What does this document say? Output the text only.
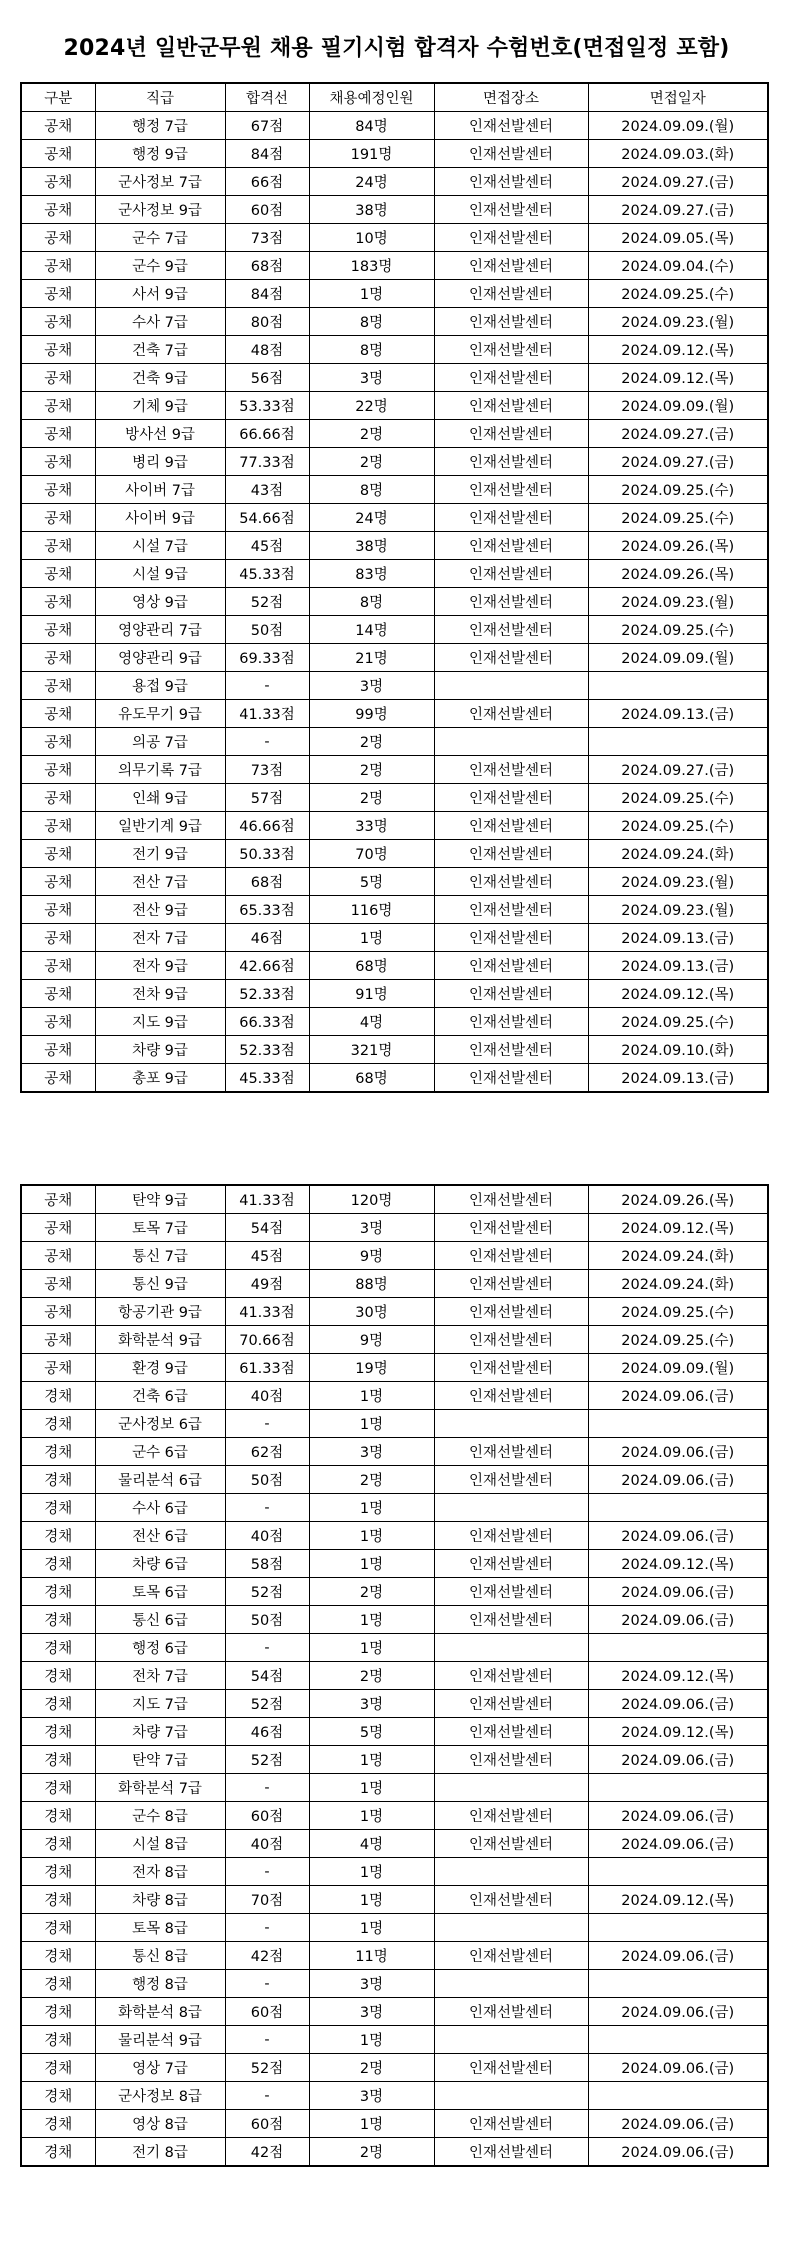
2024년 일반군무원 채용 필기시험 합격자 수험번호(면접일정 포함)
구분	직급	합격선	채용예정인원	면접장소	면접일자
공채	행정 7급	67점	84명	인재선발센터	2024.09.09.(월)
공채	행정 9급	84점	191명	인재선발센터	2024.09.03.(화)
공채	군사정보 7급	66점	24명	인재선발센터	2024.09.27.(금)
공채	군사정보 9급	60점	38명	인재선발센터	2024.09.27.(금)
공채	군수 7급	73점	10명	인재선발센터	2024.09.05.(목)
공채	군수 9급	68점	183명	인재선발센터	2024.09.04.(수)
공채	사서 9급	84점	1명	인재선발센터	2024.09.25.(수)
공채	수사 7급	80점	8명	인재선발센터	2024.09.23.(월)
공채	건축 7급	48점	8명	인재선발센터	2024.09.12.(목)
공채	건축 9급	56점	3명	인재선발센터	2024.09.12.(목)
공채	기체 9급	53.33점	22명	인재선발센터	2024.09.09.(월)
공채	방사선 9급	66.66점	2명	인재선발센터	2024.09.27.(금)
공채	병리 9급	77.33점	2명	인재선발센터	2024.09.27.(금)
공채	사이버 7급	43점	8명	인재선발센터	2024.09.25.(수)
공채	사이버 9급	54.66점	24명	인재선발센터	2024.09.25.(수)
공채	시설 7급	45점	38명	인재선발센터	2024.09.26.(목)
공채	시설 9급	45.33점	83명	인재선발센터	2024.09.26.(목)
공채	영상 9급	52점	8명	인재선발센터	2024.09.23.(월)
공채	영양관리 7급	50점	14명	인재선발센터	2024.09.25.(수)
공채	영양관리 9급	69.33점	21명	인재선발센터	2024.09.09.(월)
공채	용접 9급	-	3명		
공채	유도무기 9급	41.33점	99명	인재선발센터	2024.09.13.(금)
공채	의공 7급	-	2명		
공채	의무기록 7급	73점	2명	인재선발센터	2024.09.27.(금)
공채	인쇄 9급	57점	2명	인재선발센터	2024.09.25.(수)
공채	일반기계 9급	46.66점	33명	인재선발센터	2024.09.25.(수)
공채	전기 9급	50.33점	70명	인재선발센터	2024.09.24.(화)
공채	전산 7급	68점	5명	인재선발센터	2024.09.23.(월)
공채	전산 9급	65.33점	116명	인재선발센터	2024.09.23.(월)
공채	전자 7급	46점	1명	인재선발센터	2024.09.13.(금)
공채	전자 9급	42.66점	68명	인재선발센터	2024.09.13.(금)
공채	전차 9급	52.33점	91명	인재선발센터	2024.09.12.(목)
공채	지도 9급	66.33점	4명	인재선발센터	2024.09.25.(수)
공채	차량 9급	52.33점	321명	인재선발센터	2024.09.10.(화)
공채	총포 9급	45.33점	68명	인재선발센터	2024.09.13.(금)
공채	탄약 9급	41.33점	120명	인재선발센터	2024.09.26.(목)
공채	토목 7급	54점	3명	인재선발센터	2024.09.12.(목)
공채	통신 7급	45점	9명	인재선발센터	2024.09.24.(화)
공채	통신 9급	49점	88명	인재선발센터	2024.09.24.(화)
공채	항공기관 9급	41.33점	30명	인재선발센터	2024.09.25.(수)
공채	화학분석 9급	70.66점	9명	인재선발센터	2024.09.25.(수)
공채	환경 9급	61.33점	19명	인재선발센터	2024.09.09.(월)
경채	건축 6급	40점	1명	인재선발센터	2024.09.06.(금)
경채	군사정보 6급	-	1명		
경채	군수 6급	62점	3명	인재선발센터	2024.09.06.(금)
경채	물리분석 6급	50점	2명	인재선발센터	2024.09.06.(금)
경채	수사 6급	-	1명		
경채	전산 6급	40점	1명	인재선발센터	2024.09.06.(금)
경채	차량 6급	58점	1명	인재선발센터	2024.09.12.(목)
경채	토목 6급	52점	2명	인재선발센터	2024.09.06.(금)
경채	통신 6급	50점	1명	인재선발센터	2024.09.06.(금)
경채	행정 6급	-	1명		
경채	전차 7급	54점	2명	인재선발센터	2024.09.12.(목)
경채	지도 7급	52점	3명	인재선발센터	2024.09.06.(금)
경채	차량 7급	46점	5명	인재선발센터	2024.09.12.(목)
경채	탄약 7급	52점	1명	인재선발센터	2024.09.06.(금)
경채	화학분석 7급	-	1명		
경채	군수 8급	60점	1명	인재선발센터	2024.09.06.(금)
경채	시설 8급	40점	4명	인재선발센터	2024.09.06.(금)
경채	전자 8급	-	1명		
경채	차량 8급	70점	1명	인재선발센터	2024.09.12.(목)
경채	토목 8급	-	1명		
경채	통신 8급	42점	11명	인재선발센터	2024.09.06.(금)
경채	행정 8급	-	3명		
경채	화학분석 8급	60점	3명	인재선발센터	2024.09.06.(금)
경채	물리분석 9급	-	1명		
경채	영상 7급	52점	2명	인재선발센터	2024.09.06.(금)
경채	군사정보 8급	-	3명		
경채	영상 8급	60점	1명	인재선발센터	2024.09.06.(금)
경채	전기 8급	42점	2명	인재선발센터	2024.09.06.(금)
